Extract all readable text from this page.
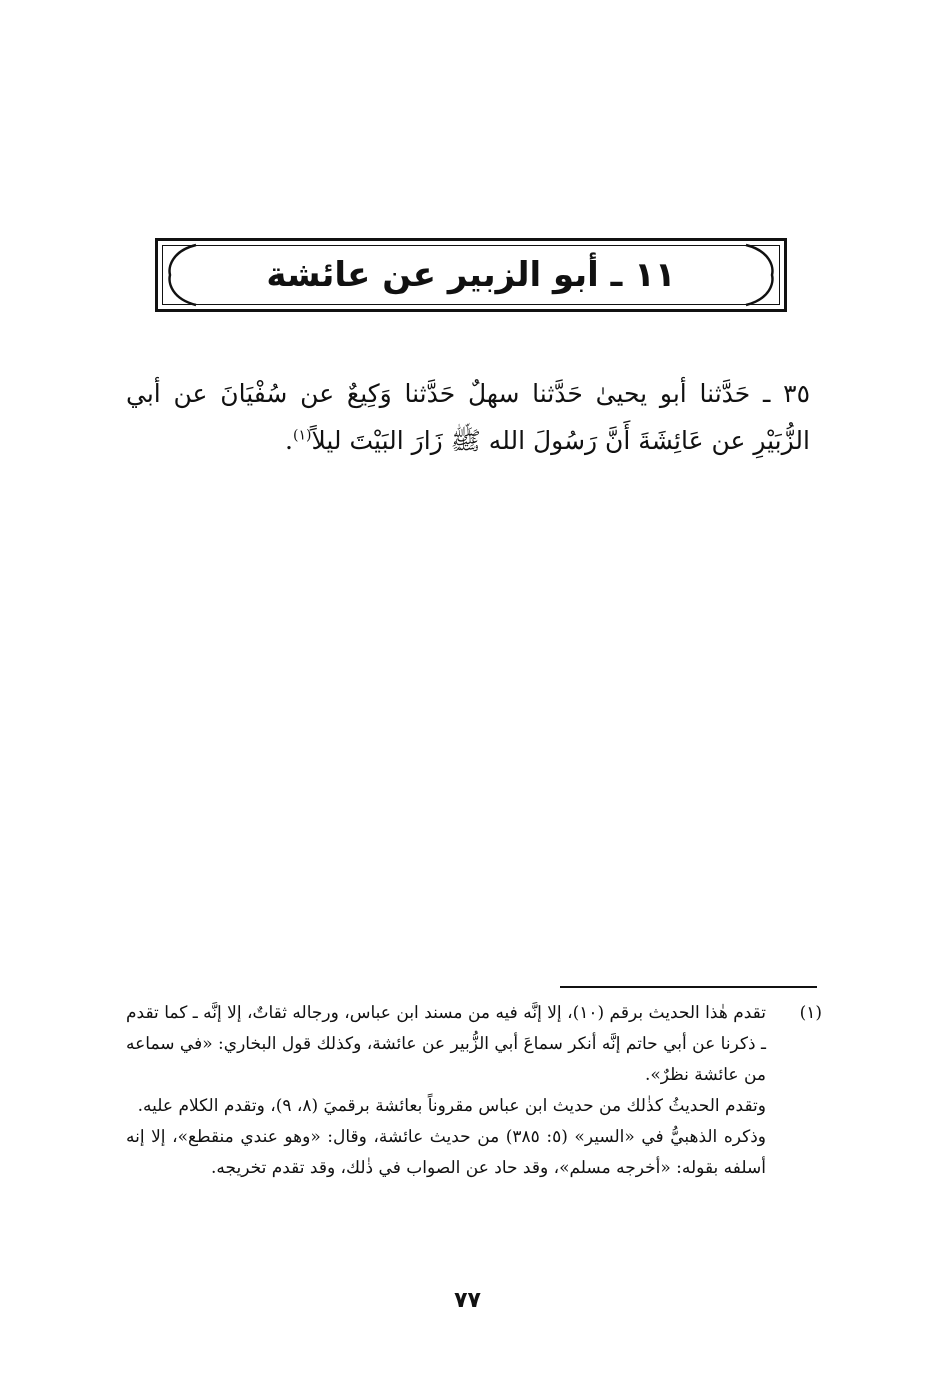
١١ ـ أبو الزبير عن عائشة
٣٥ ـ حَدَّثنا أبو يحيىٰ حَدَّثنا سهلٌ حَدَّثنا وَكِيعٌ عن سُفْيَانَ عن أبي الزُّبَيْرِ عن عَائِشَةَ أَنَّ رَسُولَ الله ﷺ زَارَ البَيْتَ ليلاً$^{(١)}$.
(١)

تقدم هٰذا الحديث برقم (١٠)، إلا إنَّه فيه من مسند ابن عباس، ورجاله ثقاتٌ، إلا إنَّه ـ كما تقدم ـ ذكرنا عن أبي حاتم إنَّه أنكر سماعَ أبي الزُّبير عن عائشة، وكذلك قول البخاري: «في سماعه من عائشة نظرٌ».

وتقدم الحديثُ كذٰلك من حديث ابن عباس مقروناً بعائشة برقميَ (٨، ٩)، وتقدم الكلام عليه.

وذكره الذهبيُّ في «السير» (٥: ٣٨٥) من حديث عائشة، وقال: «وهو عندي منقطع»، إلا إنه أسلفه بقوله: «أخرجه مسلم»، وقد حاد عن الصواب في ذٰلك، وقد تقدم تخريجه.

٧٧
